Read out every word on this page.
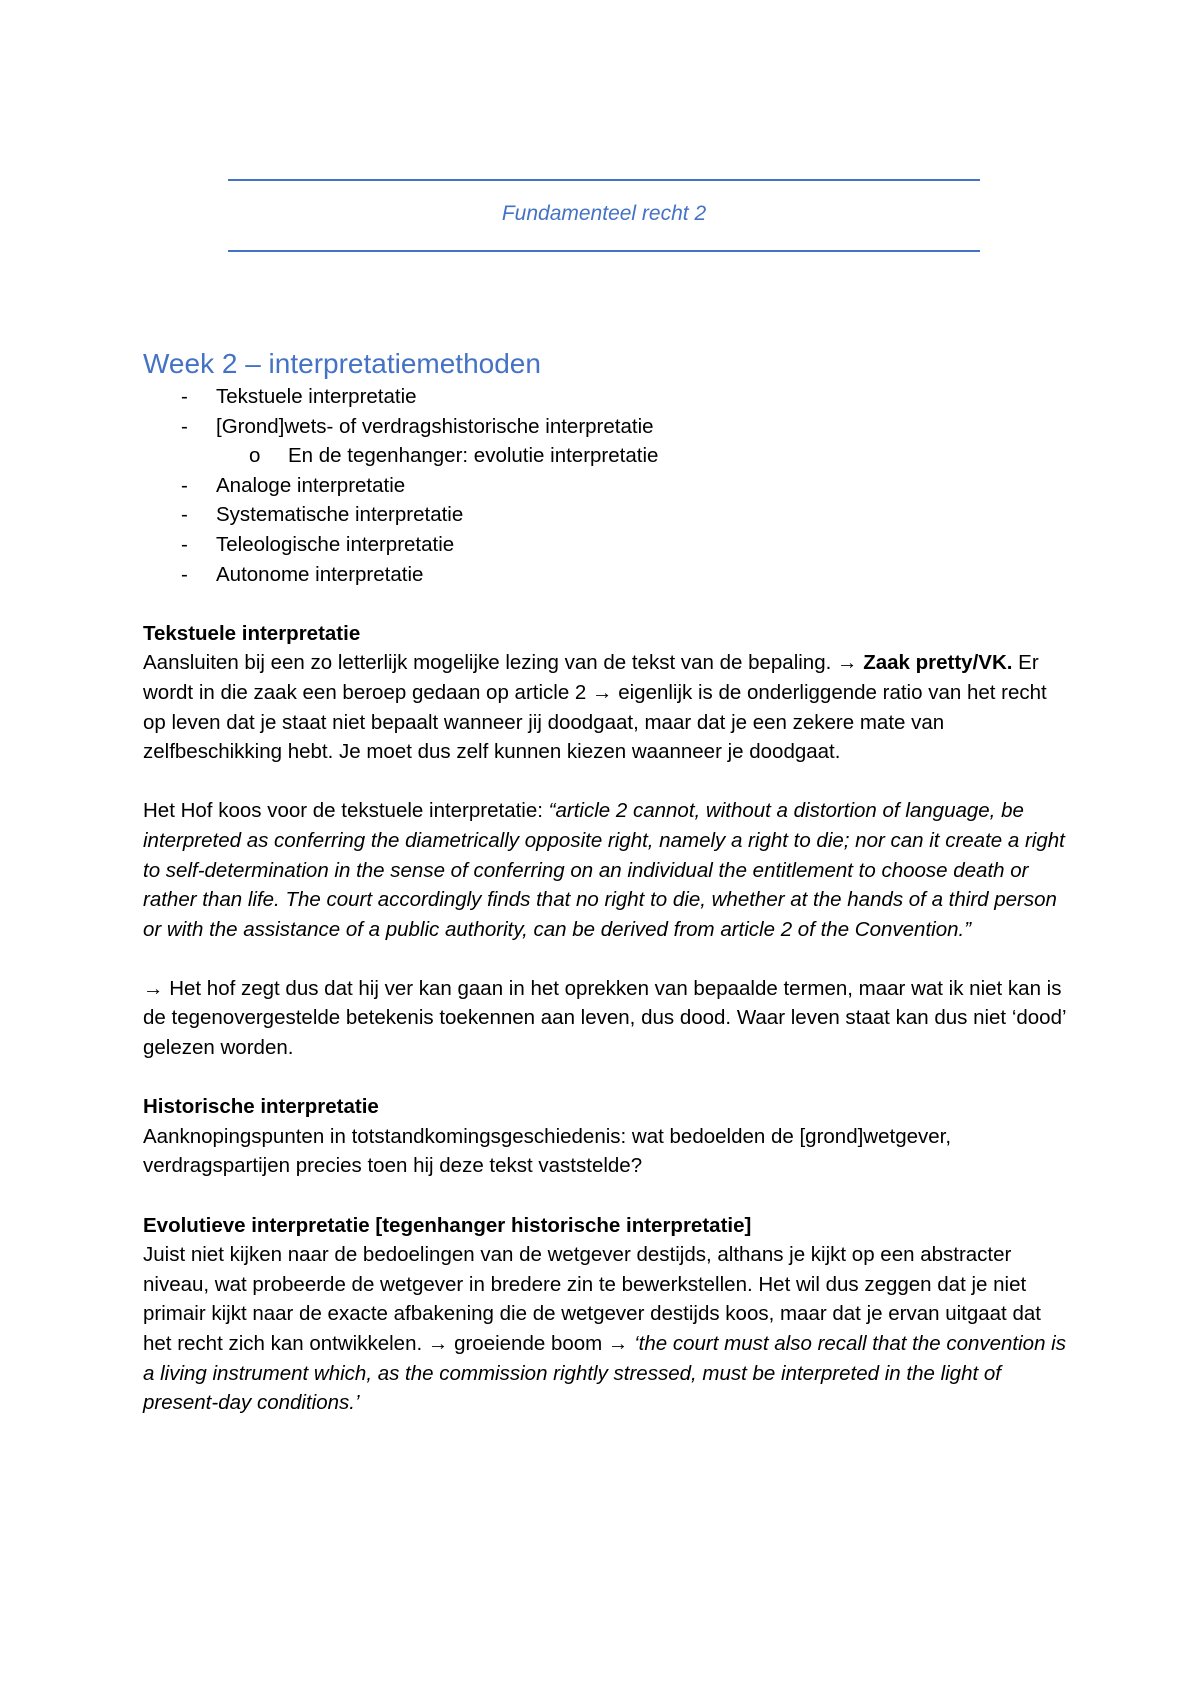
Fundamenteel recht 2
Week 2 – interpretatiemethoden
- Tekstuele interpretatie
- [Grond]wets- of verdragshistorische interpretatie
o En de tegenhanger: evolutie interpretatie
- Analoge interpretatie
- Systematische interpretatie
- Teleologische interpretatie
- Autonome interpretatie
Tekstuele interpretatie

Aansluiten bij een zo letterlijk mogelijke lezing van de tekst van de bepaling. → Zaak pretty/VK. Er wordt in die zaak een beroep gedaan op article 2 → eigenlijk is de onderliggende ratio van het recht op leven dat je staat niet bepaalt wanneer jij doodgaat, maar dat je een zekere mate van zelfbeschikking hebt. Je moet dus zelf kunnen kiezen waanneer je doodgaat.

Het Hof koos voor de tekstuele interpretatie: “article 2 cannot, without a distortion of language, be interpreted as conferring the diametrically opposite right, namely a right to die; nor can it create a right to self-determination in the sense of conferring on an individual the entitlement to choose death or rather than life. The court accordingly finds that no right to die, whether at the hands of a third person or with the assistance of a public authority, can be derived from article 2 of the Convention.”

→ Het hof zegt dus dat hij ver kan gaan in het oprekken van bepaalde termen, maar wat ik niet kan is de tegenovergestelde betekenis toekennen aan leven, dus dood. Waar leven staat kan dus niet ‘dood’ gelezen worden.

Historische interpretatie

Aanknopingspunten in totstandkomingsgeschiedenis: wat bedoelden de [grond]wetgever, verdragspartijen precies toen hij deze tekst vaststelde?

Evolutieve interpretatie [tegenhanger historische interpretatie]

Juist niet kijken naar de bedoelingen van de wetgever destijds, althans je kijkt op een abstracter niveau, wat probeerde de wetgever in bredere zin te bewerkstellen. Het wil dus zeggen dat je niet primair kijkt naar de exacte afbakening die de wetgever destijds koos, maar dat je ervan uitgaat dat het recht zich kan ontwikkelen. → groeiende boom → ‘the court must also recall that the convention is a living instrument which, as the commission rightly stressed, must be interpreted in the light of present-day conditions.’
